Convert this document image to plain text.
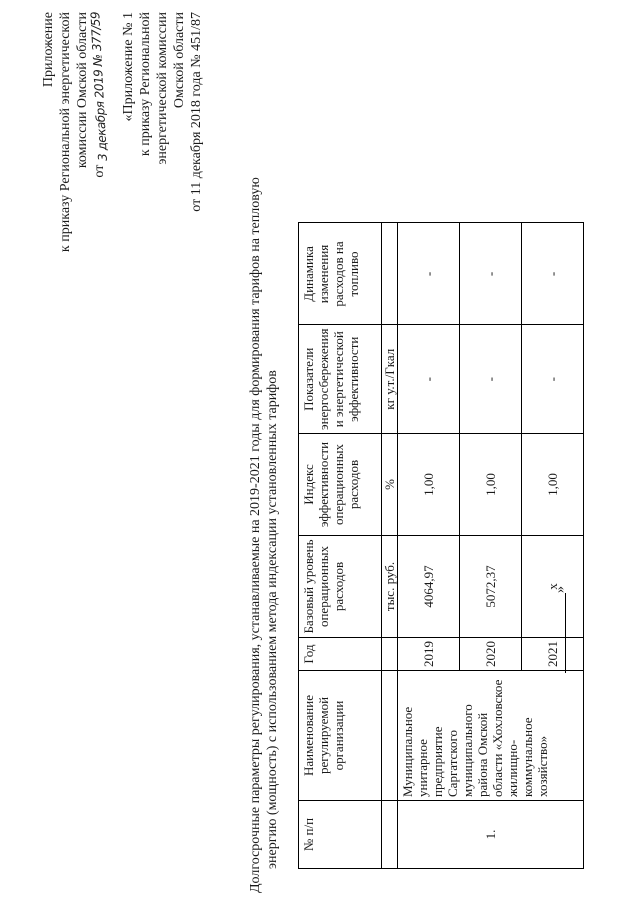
Приложение к приказу Региональной энергетической комиссии Омской области
от 3 декабря 2019 № 377/59 «Приложение № 1 к приказу Региональной энергетической комиссии Омской области от 11 декабря 2018 года № 451/87
Долгосрочные параметры регулирования, устанавливаемые на 2019-2021 годы для формирования тарифов на тепловую энергию (мощность) с использованием метода индексации установленных тарифов № п/п	Наименование регулируемой организации	Год	Базовый уровень операционных расходов	Индекс эффективности операционных расходов	Показатели энергосбережения и энергетической эффективности	Динамика изменения расходов на топливо
			тыс. руб.	%	кг у.т./Гкал	
1.	Муниципальное унитарное предприятие Саргатского муниципального района Омской области «Хохловское жилищно-коммунальное хозяйство»	2019	4064,97	1,00	-	-
		2020	5072,37	1,00	-	-
		2021	х	1,00	-	-
»
